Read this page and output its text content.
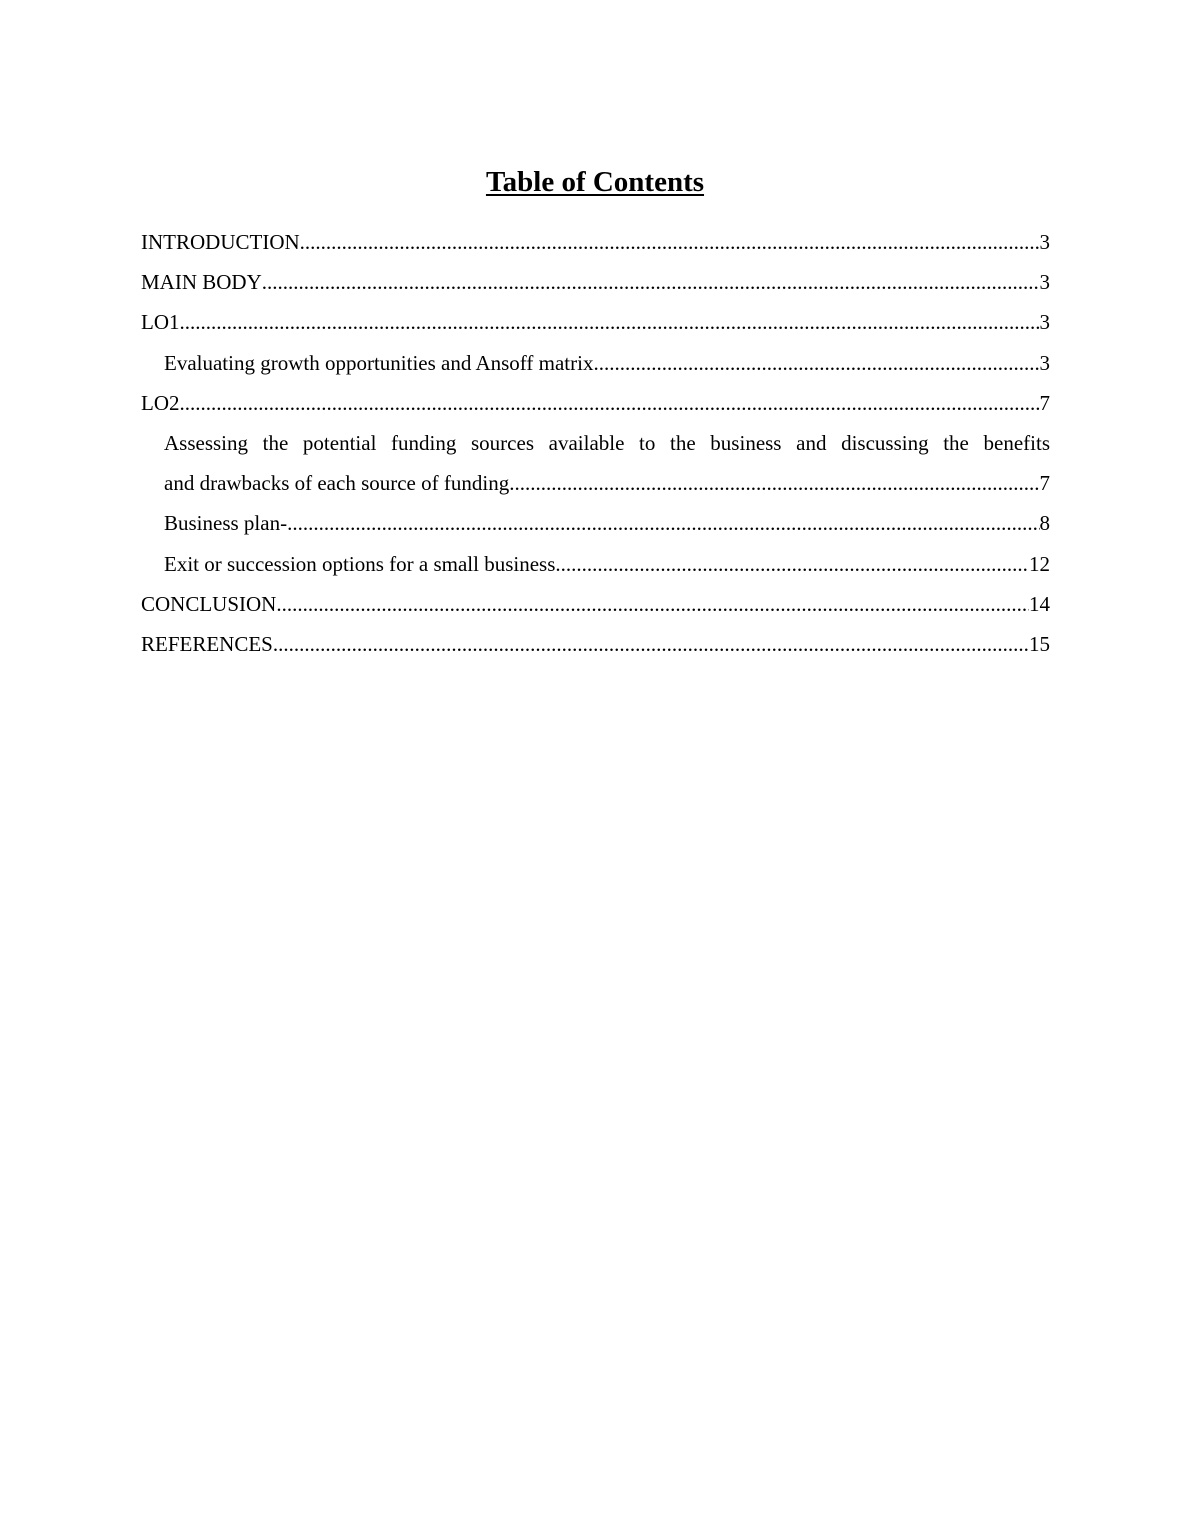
Table of Contents
INTRODUCTION .....	3
MAIN BODY .....	3
LO1 .....	3
Evaluating growth opportunities and Ansoff matrix .....	3
LO2 .....	7
Assessing the potential funding sources available to the business and discussing the benefits
and drawbacks of each source of funding .....	7
Business plan- .....	8
Exit or succession options for a small business .....	12
CONCLUSION .....	14
REFERENCES .....	15
